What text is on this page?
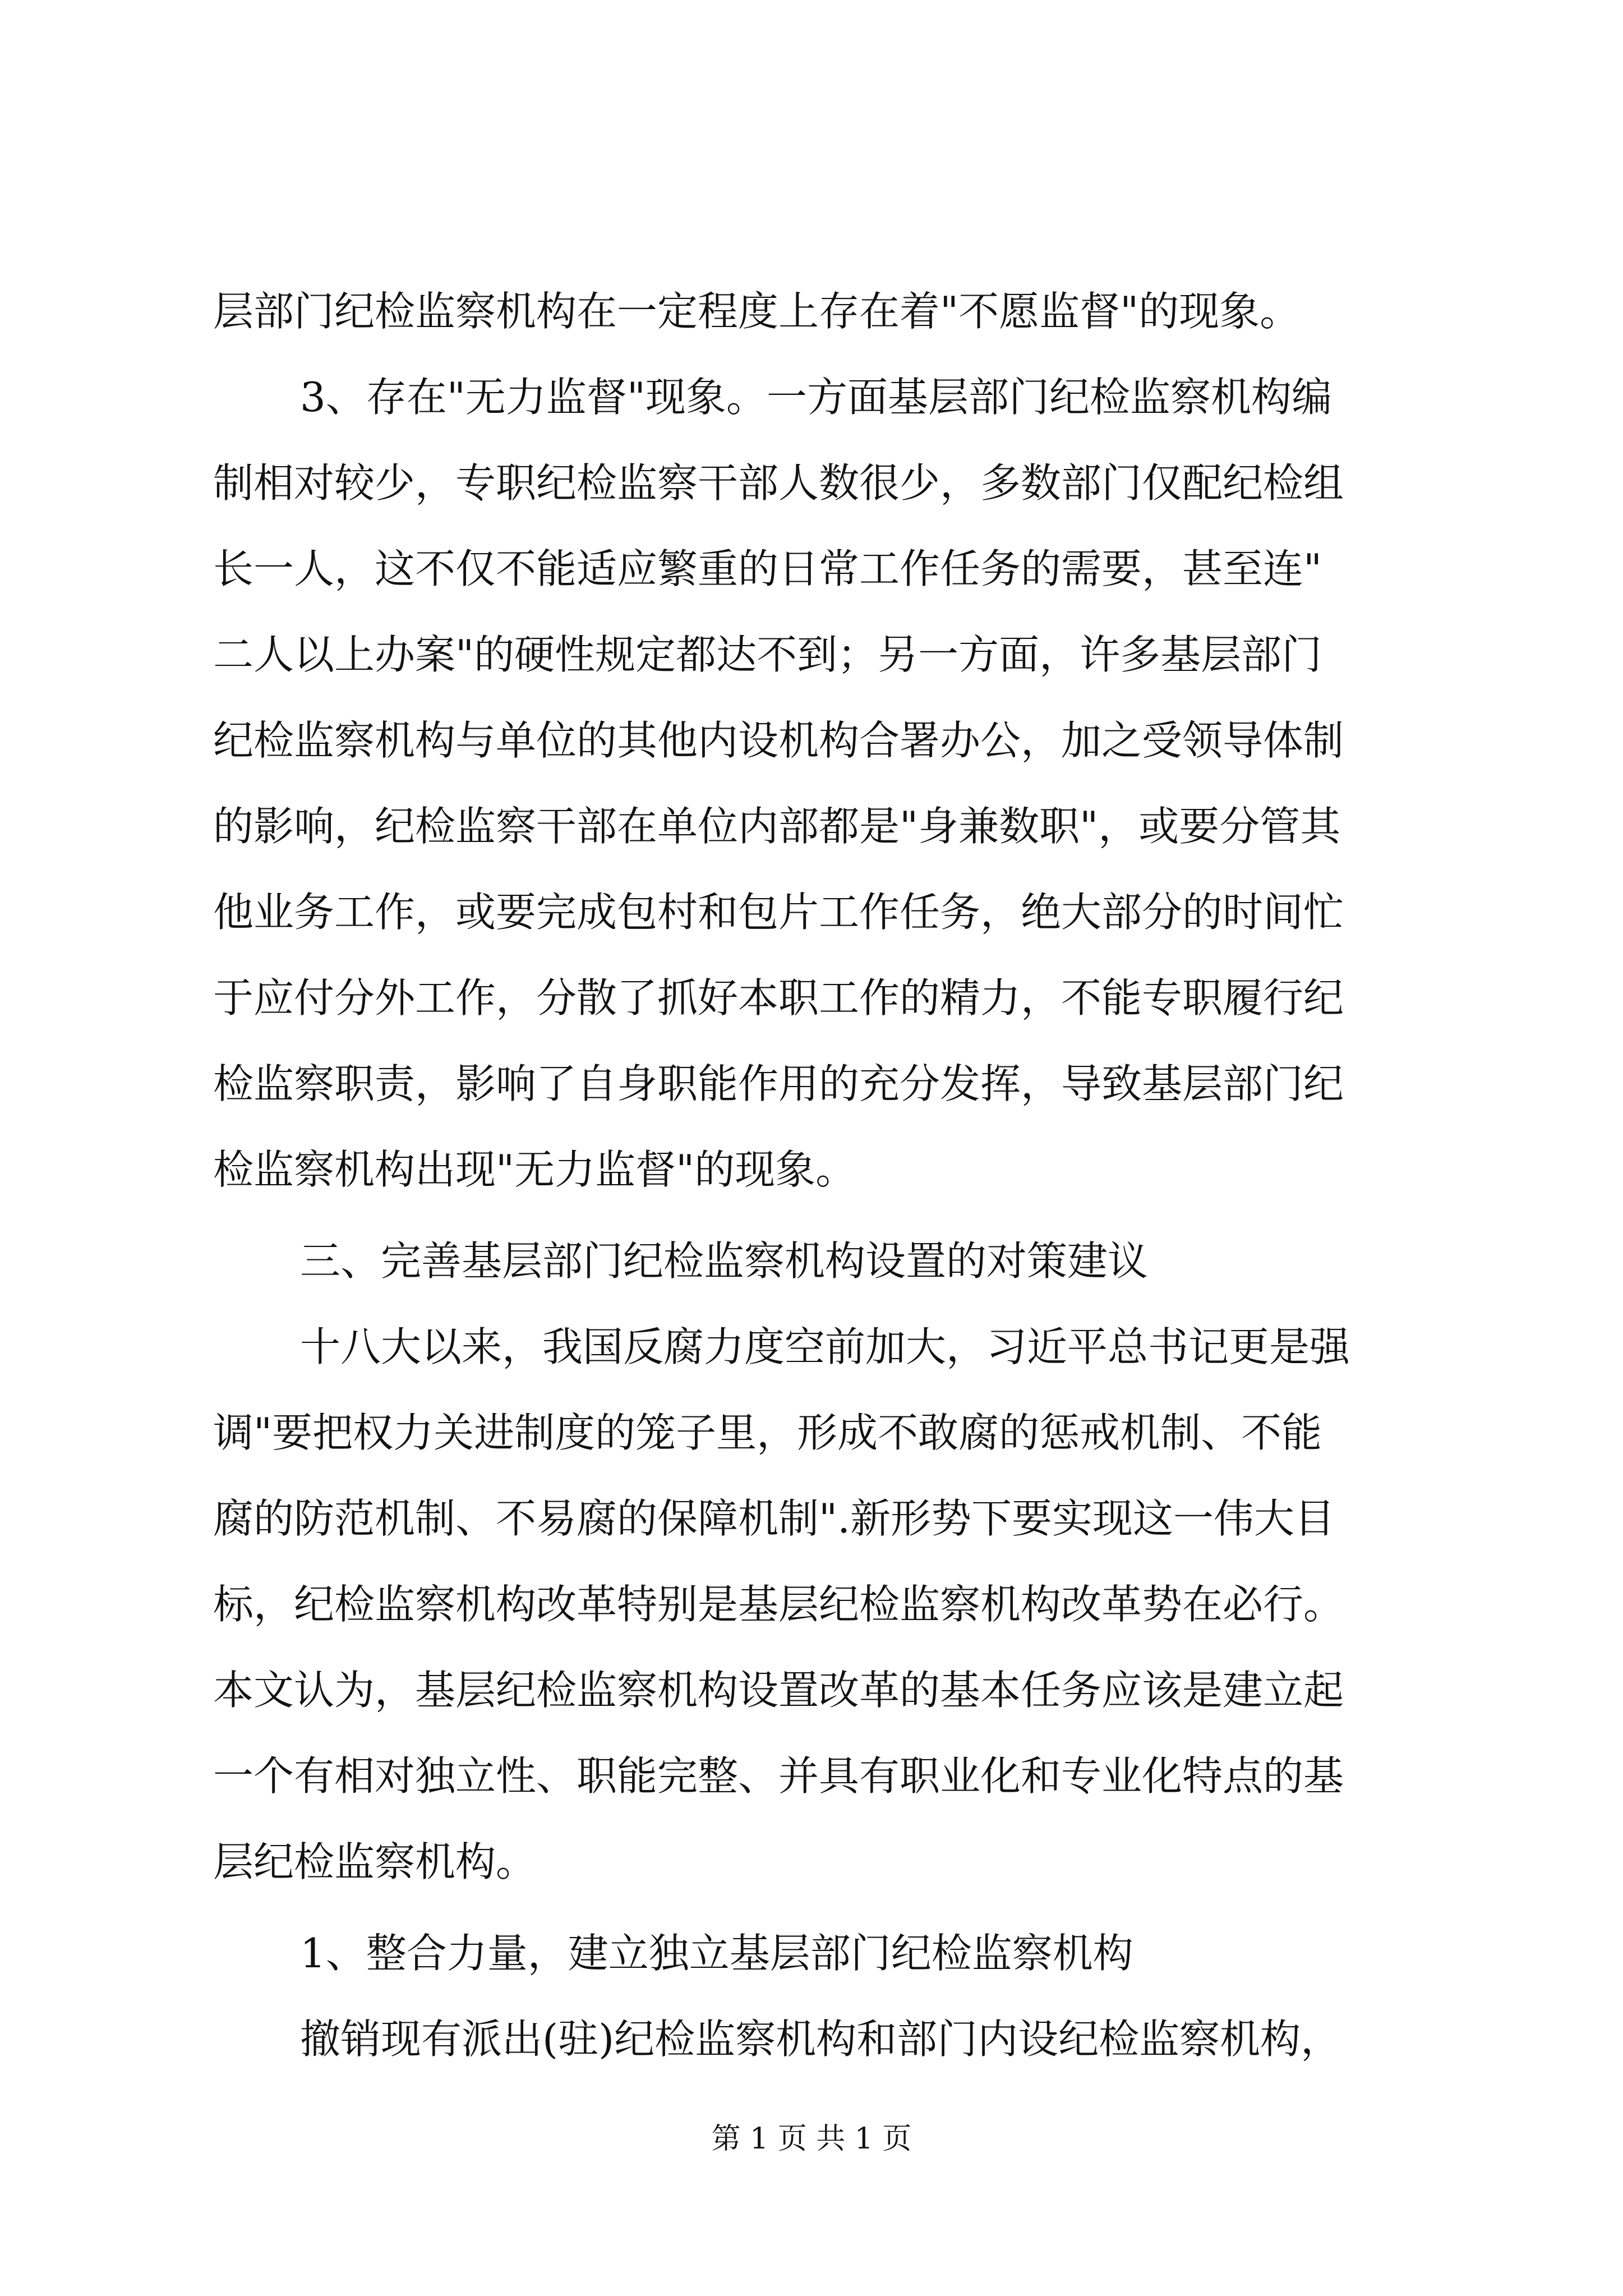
层部门纪检监察机构在一定程度上存在着"不愿监督"的现象。
3、存在"无力监督"现象。一方面基层部门纪检监察机构编
制相对较少，专职纪检监察干部人数很少，多数部门仅配纪检组
长一人，这不仅不能适应繁重的日常工作任务的需要，甚至连"
二人以上办案"的硬性规定都达不到；另一方面，许多基层部门
纪检监察机构与单位的其他内设机构合署办公，加之受领导体制
的影响，纪检监察干部在单位内部都是"身兼数职"，或要分管其
他业务工作，或要完成包村和包片工作任务，绝大部分的时间忙
于应付分外工作，分散了抓好本职工作的精力，不能专职履行纪
检监察职责，影响了自身职能作用的充分发挥，导致基层部门纪
检监察机构出现"无力监督"的现象。
三、完善基层部门纪检监察机构设置的对策建议
十八大以来，我国反腐力度空前加大，习近平总书记更是强
调"要把权力关进制度的笼子里，形成不敢腐的惩戒机制、不能
腐的防范机制、不易腐的保障机制".新形势下要实现这一伟大目
标，纪检监察机构改革特别是基层纪检监察机构改革势在必行。
本文认为，基层纪检监察机构设置改革的基本任务应该是建立起
一个有相对独立性、职能完整、并具有职业化和专业化特点的基
层纪检监察机构。
1、整合力量，建立独立基层部门纪检监察机构
撤销现有派出(驻)纪检监察机构和部门内设纪检监察机构，
第 1 页 共 1 页
